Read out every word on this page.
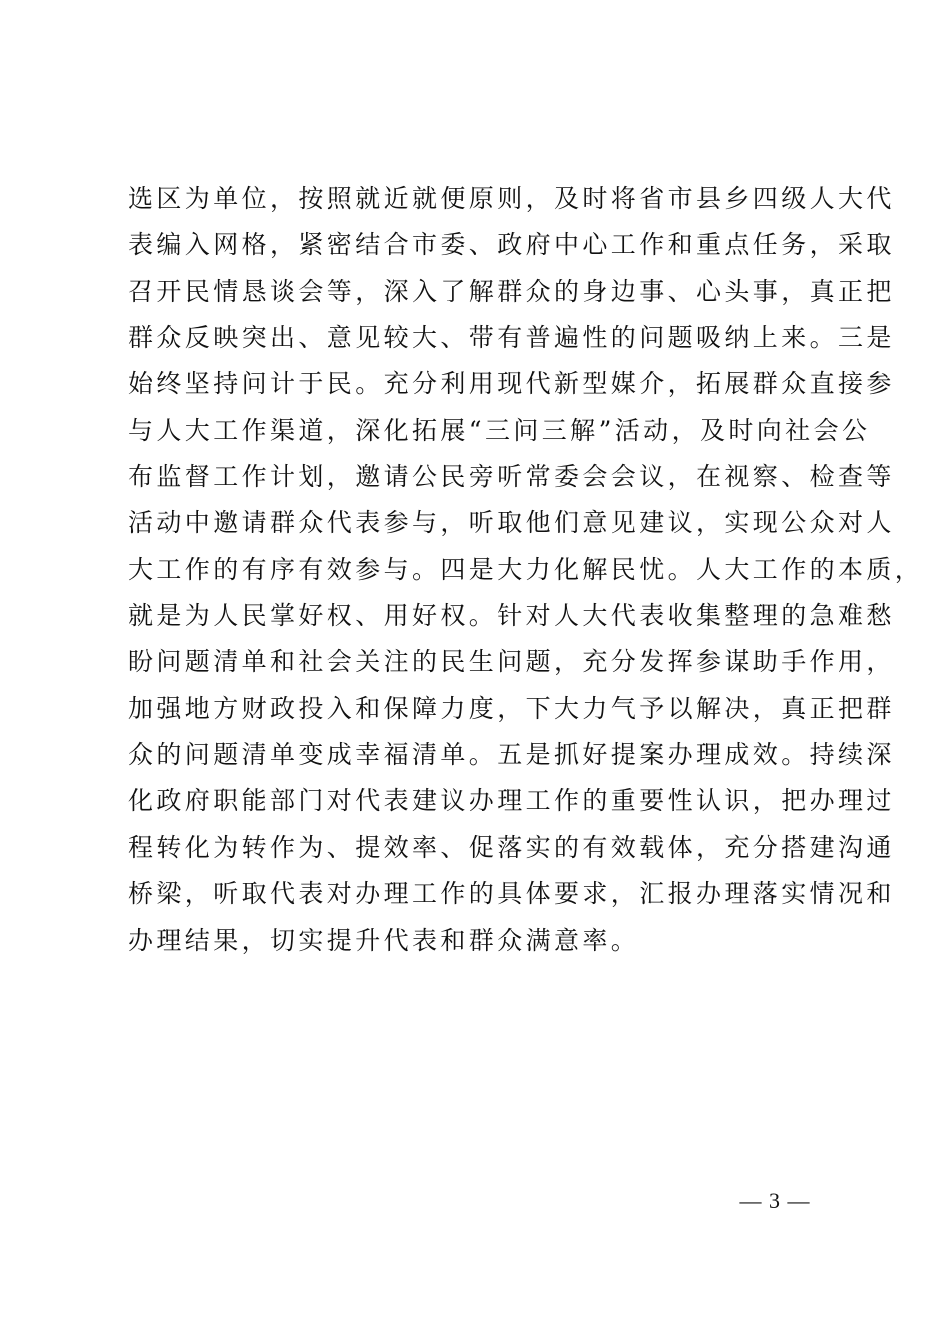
选区为单位，按照就近就便原则，及时将省市县乡四级人大代
表编入网格，紧密结合市委、政府中心工作和重点任务，采取
召开民情恳谈会等，深入了解群众的身边事、心头事，真正把
群众反映突出、意见较大、带有普遍性的问题吸纳上来。三是
始终坚持问计于民。充分利用现代新型媒介，拓展群众直接参
与人大工作渠道，深化拓展“三问三解”活动，及时向社会公
布监督工作计划，邀请公民旁听常委会会议，在视察、检查等
活动中邀请群众代表参与，听取他们意见建议，实现公众对人
大工作的有序有效参与。四是大力化解民忧。人大工作的本质，
就是为人民掌好权、用好权。针对人大代表收集整理的急难愁
盼问题清单和社会关注的民生问题，充分发挥参谋助手作用，
加强地方财政投入和保障力度，下大力气予以解决，真正把群
众的问题清单变成幸福清单。五是抓好提案办理成效。持续深
化政府职能部门对代表建议办理工作的重要性认识，把办理过
程转化为转作为、提效率、促落实的有效载体，充分搭建沟通
桥梁，听取代表对办理工作的具体要求，汇报办理落实情况和
办理结果，切实提升代表和群众满意率。
— 3 —
